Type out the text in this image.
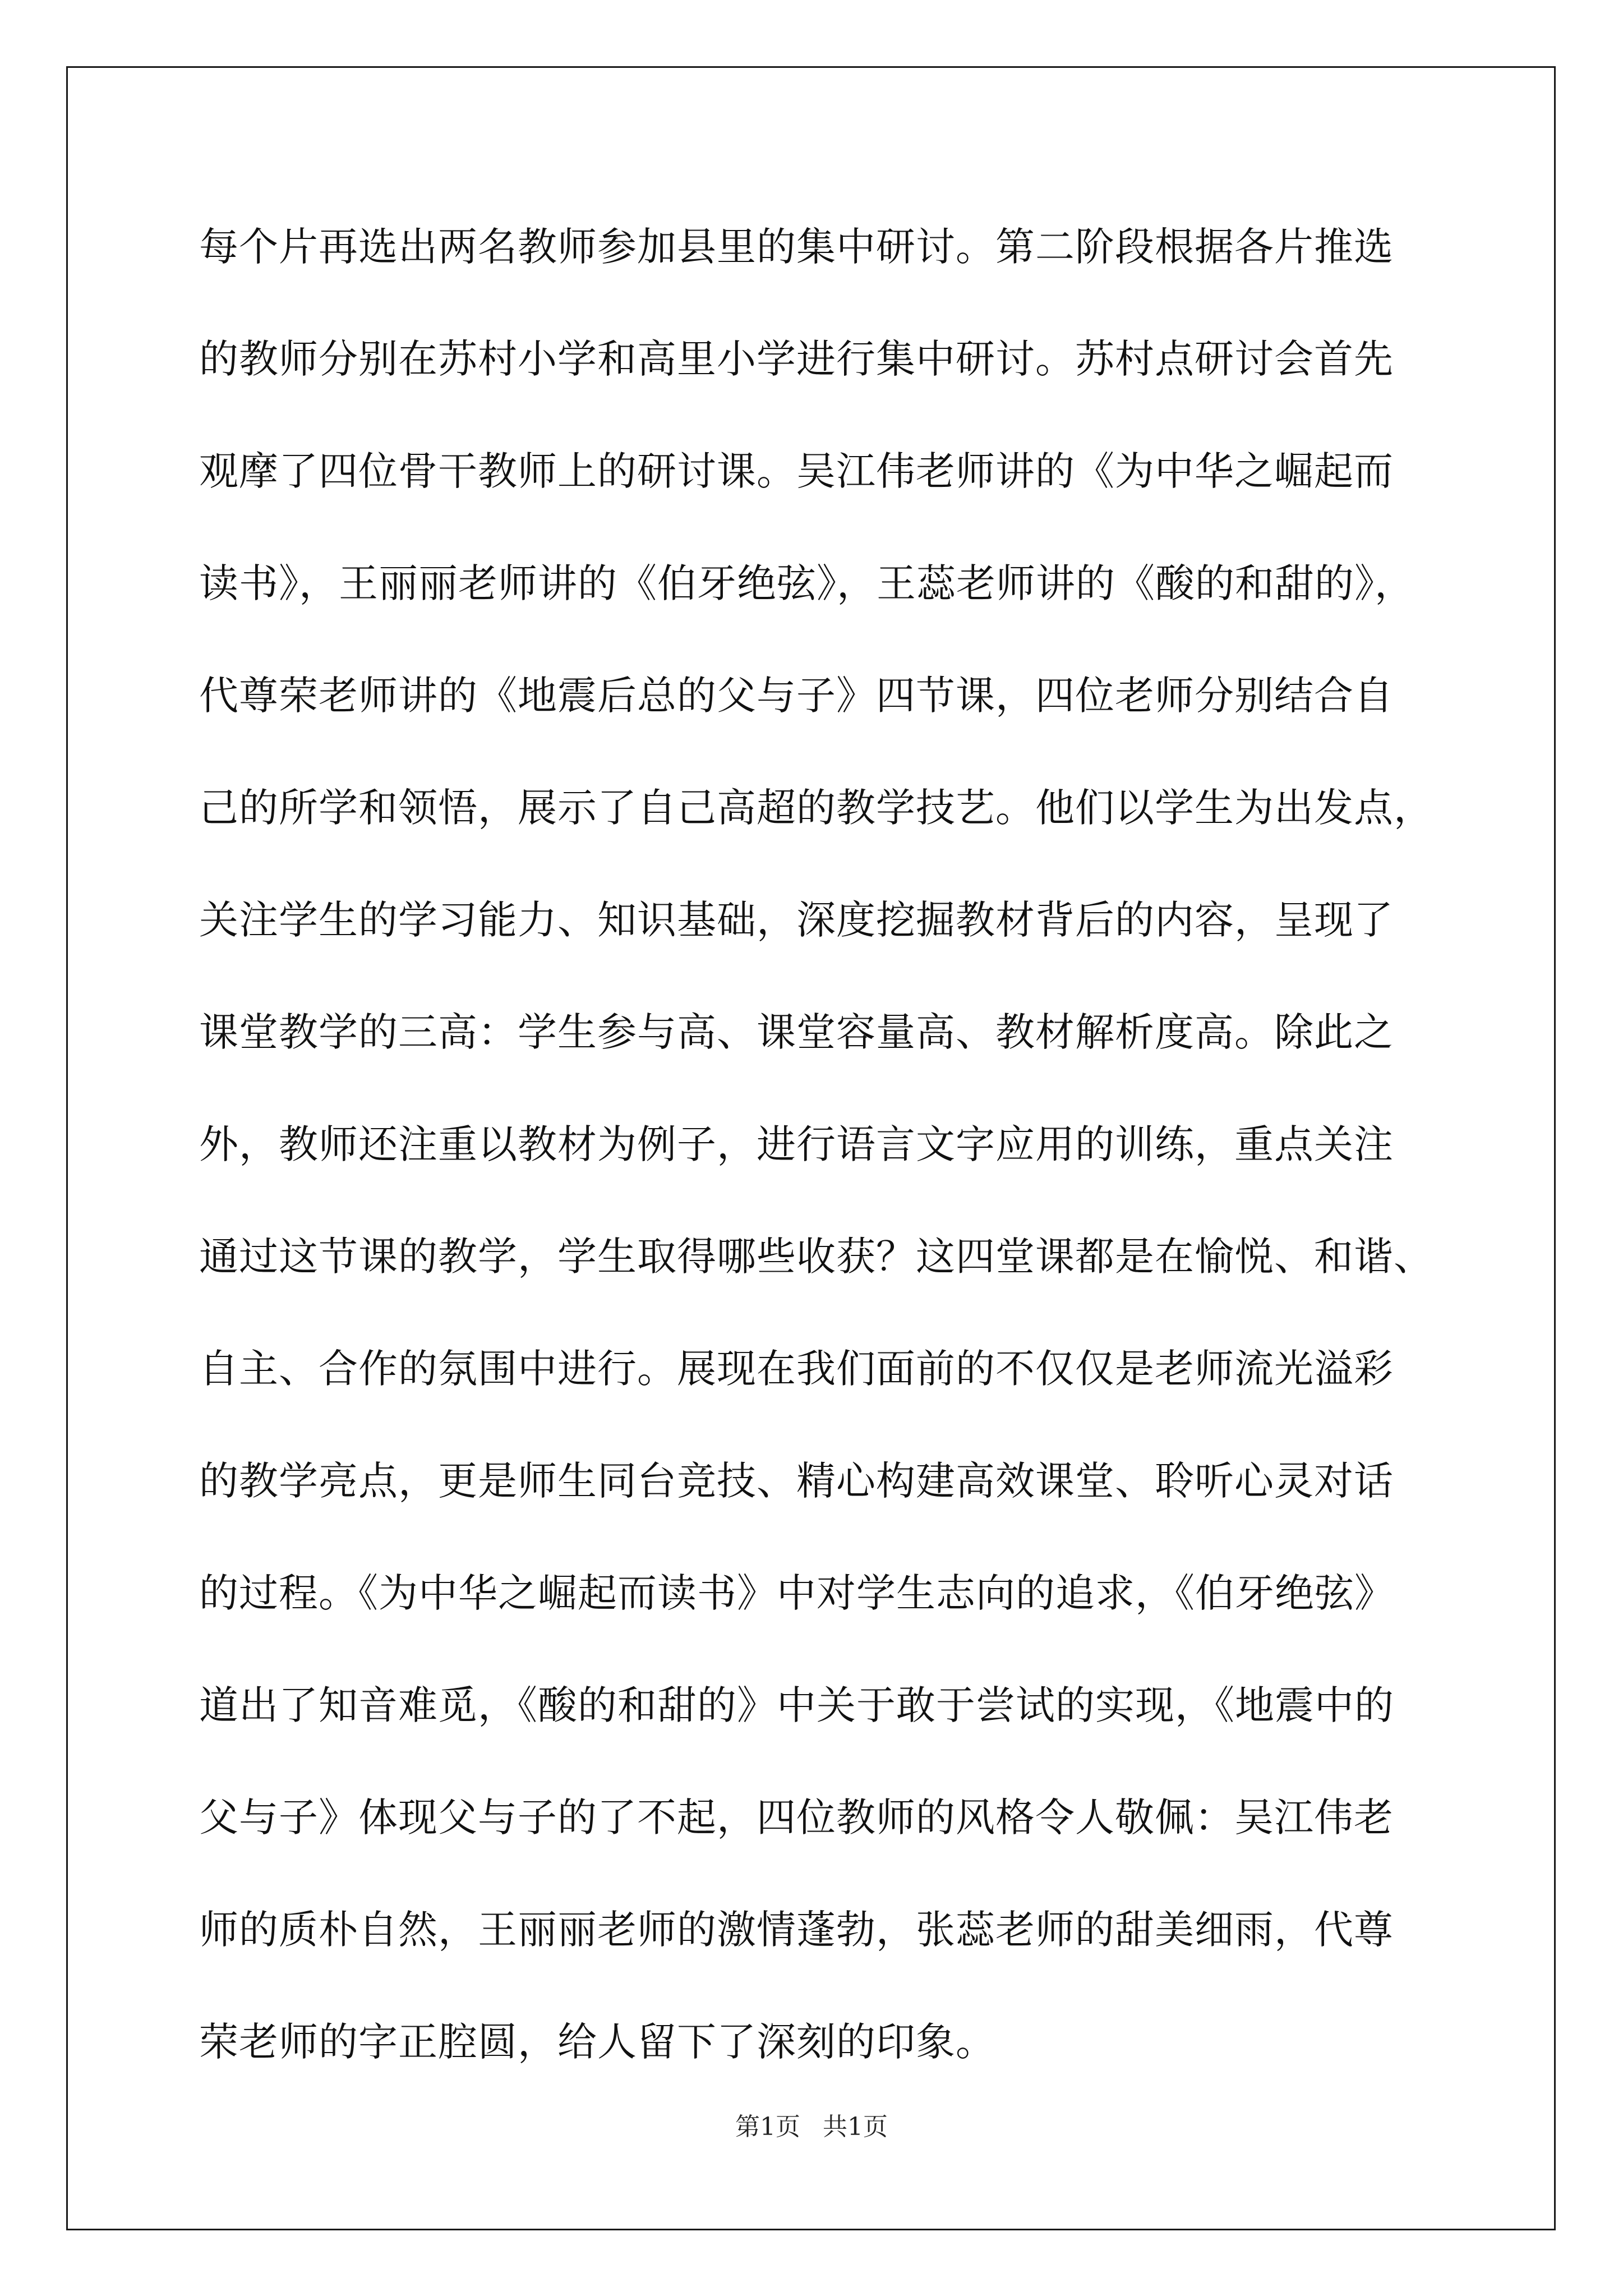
每个片再选出两名教师参加县里的集中研讨。第二阶段根据各片推选
的教师分别在苏村小学和高里小学进行集中研讨。苏村点研讨会首先
观摩了四位骨干教师上的研讨课。吴江伟老师讲的《为中华之崛起而
读书》，王丽丽老师讲的《伯牙绝弦》，王蕊老师讲的《酸的和甜的》，
代尊荣老师讲的《地震后总的父与子》四节课，四位老师分别结合自
己的所学和领悟，展示了自己高超的教学技艺。他们以学生为出发点，
关注学生的学习能力、知识基础，深度挖掘教材背后的内容，呈现了
课堂教学的三高：学生参与高、课堂容量高、教材解析度高。除此之
外，教师还注重以教材为例子，进行语言文字应用的训练，重点关注
通过这节课的教学，学生取得哪些收获？这四堂课都是在愉悦、和谐、
自主、合作的氛围中进行。展现在我们面前的不仅仅是老师流光溢彩
的教学亮点，更是师生同台竞技、精心构建高效课堂、聆听心灵对话
的过程。《为中华之崛起而读书》中对学生志向的追求，《伯牙绝弦》
道出了知音难觅，《酸的和甜的》中关于敢于尝试的实现，《地震中的
父与子》体现父与子的了不起，四位教师的风格令人敬佩：吴江伟老
师的质朴自然，王丽丽老师的激情蓬勃，张蕊老师的甜美细雨，代尊
荣老师的字正腔圆，给人留下了深刻的印象。
第1页 共1页
